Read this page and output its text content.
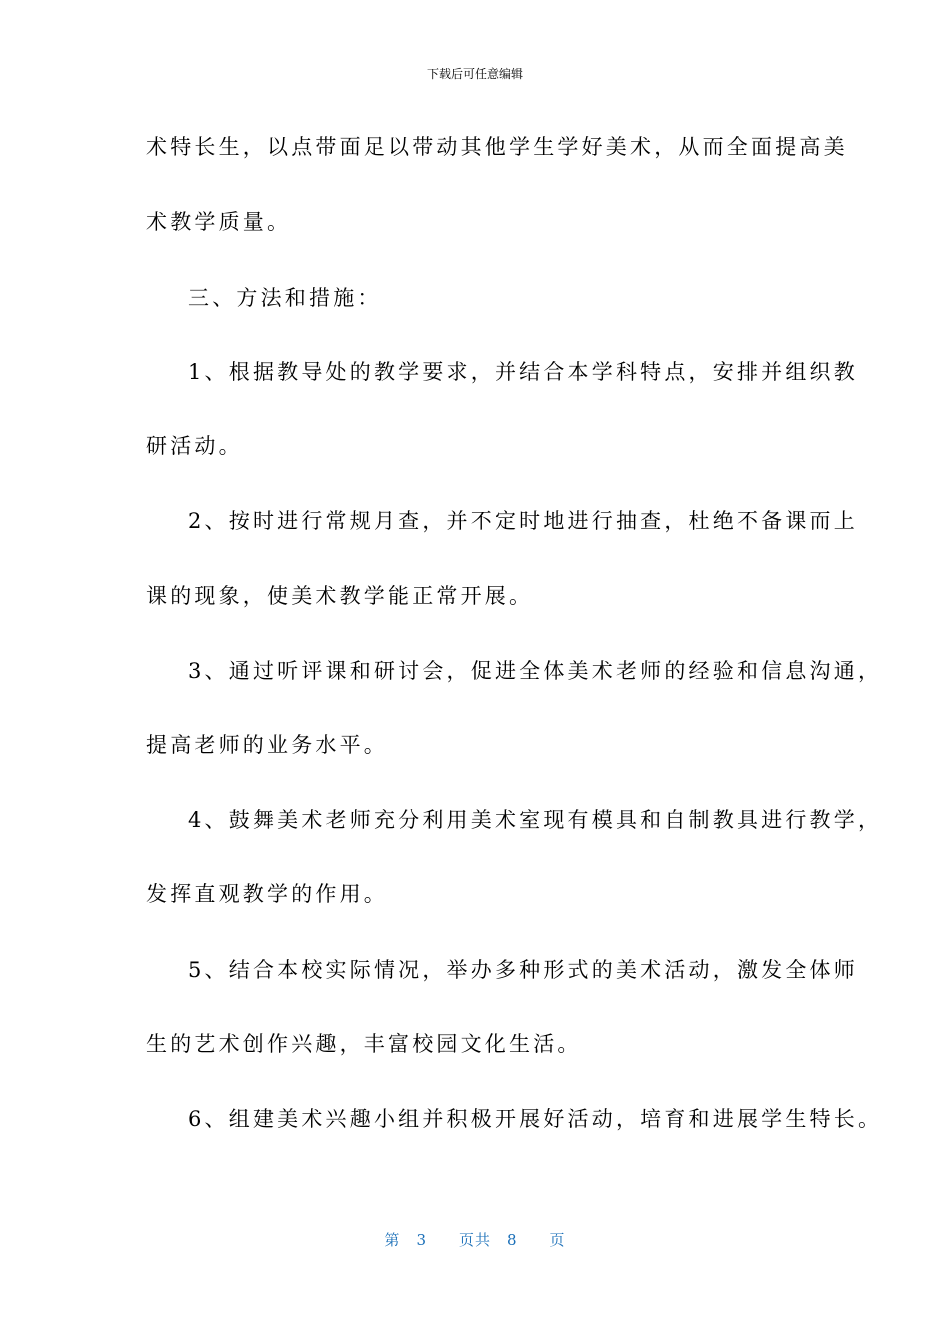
下载后可任意编辑
术特长生，以点带面足以带动其他学生学好美术，从而全面提高美
术教学质量。
三、方法和措施：
1、根据教导处的教学要求，并结合本学科特点，安排并组织教
研活动。
2、按时进行常规月查，并不定时地进行抽查，杜绝不备课而上
课的现象，使美术教学能正常开展。
3、通过听评课和研讨会，促进全体美术老师的经验和信息沟通，
提高老师的业务水平。
4、鼓舞美术老师充分利用美术室现有模具和自制教具进行教学，
发挥直观教学的作用。
5、结合本校实际情况，举办多种形式的美术活动，激发全体师
生的艺术创作兴趣，丰富校园文化生活。
6、组建美术兴趣小组并积极开展好活动，培育和进展学生特长。
第 3 页共 8 页
